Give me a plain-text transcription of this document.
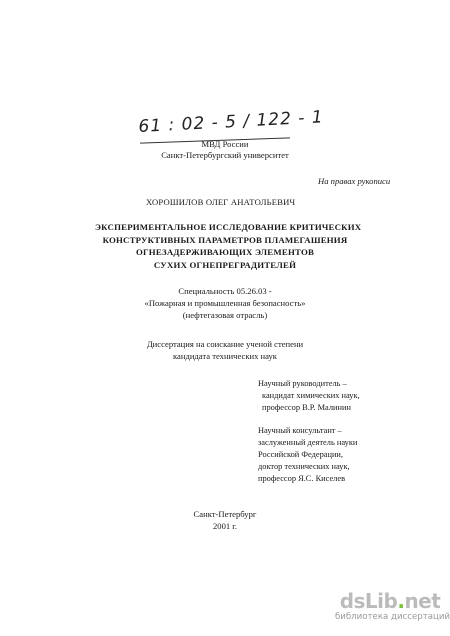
61 : 02 - 5 / 122 - 1
МВД России
Санкт-Петербургский университет
На правах рукописи
ХОРОШИЛОВ ОЛЕГ АНАТОЛЬЕВИЧ
ЭКСПЕРИМЕНТАЛЬНОЕ ИССЛЕДОВАНИЕ КРИТИЧЕСКИХ
КОНСТРУКТИВНЫХ ПАРАМЕТРОВ ПЛАМЕГАШЕНИЯ
ОГНЕЗАДЕРЖИВАЮЩИХ ЭЛЕМЕНТОВ
СУХИХ ОГНЕПРЕГРАДИТЕЛЕЙ
Специальность 05.26.03 -
«Пожарная и промышленная безопасность»
(нефтегазовая отрасль)
Диссертация на соискание ученой степени
кандидата технических наук
Научный руководитель –
кандидат химических наук,
профессор В.Р. Малинин
Научный консультант –
заслуженный деятель науки
Российской Федерации,
доктор технических наук,
профессор Я.С. Киселев
Санкт-Петербург
2001 г.
dsLib.net
библиотека диссертаций
